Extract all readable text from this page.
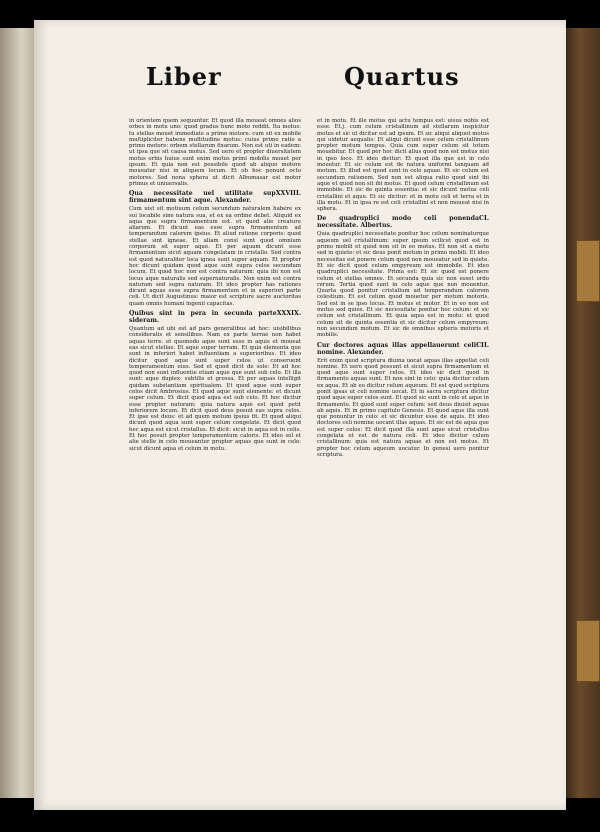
Liber	Quartus

in orientem quem sequuntur. Et quod illa moueat omnes alios orbes in motu uno: quod gradus hunc moto reddit. Ita motus: tu stellas mouet immediate a primo motore. cum sit ex mobile multipliciter habens multitudine motus: cuius primo ratio a primo motore: orbem stellarum fixarum. Non est uti in eadem: ut ipsa que sit causa motus. Sed uero et propter diuersitatem motus orbis huius sunt enim motus primi mobilis mouet per ipsum. Et quia non est possibile quod ab aliquo motore moueatur nisi in aliquem locum. Et ob hoc ponunt octo motores. Sed nona sphera ut dicit Albumasar est motor primus et uniuersalis.

XXVIII.
Qua necessitate uel utilitate sup firmamentum sint aque. Alexander.

Cum uist sit motiuum celum secundum naturalem habere ex sui locabile sine natura sua, et ex ea ordine debet. Aliquid ex aqua que supra firmamentum est. et quod alie creature aliarum. Et dicunt eas esse supra firmamentum ad temperandum calorem ipsius. Et aliud ratione corporis: quod stellae sint igneae. Et aliam consi sunt quod omnium corporum sit super aque. Et per aquam dicunt esse firmamentum sicut aquam congelatam in cristallo. Sed contra est quod naturaliter loca ignea sunt super aquam. Et propter hoc dicunt quidam quod aque sunt supra celos secundum locum. Et quod hoc non est contra naturam: quia ibi non est locus aque naturalis sed supernaturalis. Non enim est contra naturam sed supra naturam. Et ideo propter has rationes dicunt aquas esse supra firmamentum et in superiori parte celi. Ut dicit Augustinus: maior est scripture sacre auctoritas quam omnis humani ingenii capacitas.

XXXIX.
Quibus sint in pera in secunda parte sideram.

Quantum ad ubi est ad pars generalibus ad hoc: uisibilibus consideratis et sensilibus. Nam ex parte terrae non habet aquas terre. et quomodo aque sunt esse in aquis et moueat eas sicut stellae. Et aque super terram. Et quia elementa que sunt in inferiori habet influentiam a superioribus. Et ideo dicitur quod aque sunt super celos ut conseruent temperamentum eius. Sed et quod dicit de sole: Et ad hoc quod non sunt influentie etiam aque que sunt sub celo. Et illa sunt: aque duplex: subtilis et grossa. Et per aquas intelligit quidam substantiam spiritualem. Et quod aque sunt super celos dicit Ambrosius. Et quod aque sunt elemente: et dicunt super celum. Et dicit quod aqua est sub celo. Et hoc dicitur esse propter naturam: quia natura aque est quod petit inferiorem locum. Et dicit quod deus posuit eas supra celos. Et ipse est deus: et ad quem motum ipsius fit. Et quod aliqui dicunt quod aqua sunt super celum congelate. Et dicit quod hec aqua est sicut cristallus. Et dicit: sicut in aqua est in celis. Et hoc posuit propter temperamentum caloris. Et ideo sol et alie stelle in celo moueantur propter aquas que sunt in celo: sicut dicunt aqua et celum in motu.

et in motu. Et ille motus qui actu tempus est: uisus nobis est esse. Et.j. cum celum cristallinum ad stellarum inspicitur motus et sic ut dicitur est ad ipsum. Et sic aliqui aliquot motus qui uidetur aequalis: Et aliqui dicunt esse celum cristallinum propter motum tempus. Quia cum super celum sit totum mouebitur. Et quod per hoc dicit alius quod non est motus nisi in ipso loco. Et ideo dicitur: Et quod illa que est in celo mouetur. Et sic celum est de natura uniformi tanquam ad motum. Et illud est quod sunt in celo aquae. Et sic celum est secundum rationem. Sed non est aliqua ratio quod sint ibi aque et quod non sit ibi motus. Et quod celum cristallinum est immobile. Et sic de quinta essentia: et sic dicunt motus celi cristallini et aque. Et sic dicitur: et in motu celi et terra et in illa motu. Et in ipsa re est celi cristallini et non moueat nisi in sphera.

CI.
De quadruplici modo celi ponenda necessitate. Albertus.

Quia quadruplici necessitate ponitur hoc celum nominaturque aqueum uel cristallinum: super ipsum scilicet quod est in primo mobili et quod non sit in eo motus. Et non sit a motu sed in quiete: et sic deus ponit motum in primo mobili. Et ideo necessitas est ponere celum quod non moueatur sed in quiete. Et sic dicit quod celum empyreum est immobile. Et ideo quadruplici necessitate. Prima est: Et sic quod est ponere celum et stellas omnes. Et secunda quia sic non esset ordo rerum. Tertia quod sunt in celo aque que non mouentur. Quarta quod ponitur cristallum ad temperandum calorem celestium. Et est celum quod mouetur per motum motoris. Sed est in se ipso locus. Et motus et motor. Et in eo non est motus sed quies. Et sic necessitate ponitur hoc celum: et sic celum est cristallinum. Et quia aqua est in motu: et quod celum sit de quinta essentia et sic dicitur celum empyreum: non secundum motum. Et sic de omnibus spheris motoris et mobilis.

CII.
Cur doctores aquas illas appellauerunt celi nomine. Alexander.

Erit enim quod scriptura diuina uocat aquas illas appellat celi nomine. Et uero quod possunt et sicut supra firmamentum et quod aque sunt super celos. Et ideo sic dicit quod in firmamento aquae sunt. Et non sint in celo: quia dicitur celum ex aqua. Et ab eo dicitur celum aqueum. Et est quod scriptura ponit ipsas ut celi nomine uocat. Et in sacra scriptura dicitur quod aque super celos sunt. Et quod sic sunt in celo ut aque in firmamento. Et quod sunt super celum: sed deus diuisit aquas ab aquis. Et in primo capitulo Genesis. Et quod aque illa sunt que ponuntur in celo: et sic dicuntur esse de aquis. Et ideo doctores celi nomine uocant illas aquas. Et sic est de aqua que est super celos: Et dicit quod illa sunt aque sicut cristallus congelata et est de natura celi. Et ideo dicitur celum cristallinum: quia est natura aquae et non est motus. Et propter hoc celum aqueum uocatur. In genesi uero ponitur scriptura.
